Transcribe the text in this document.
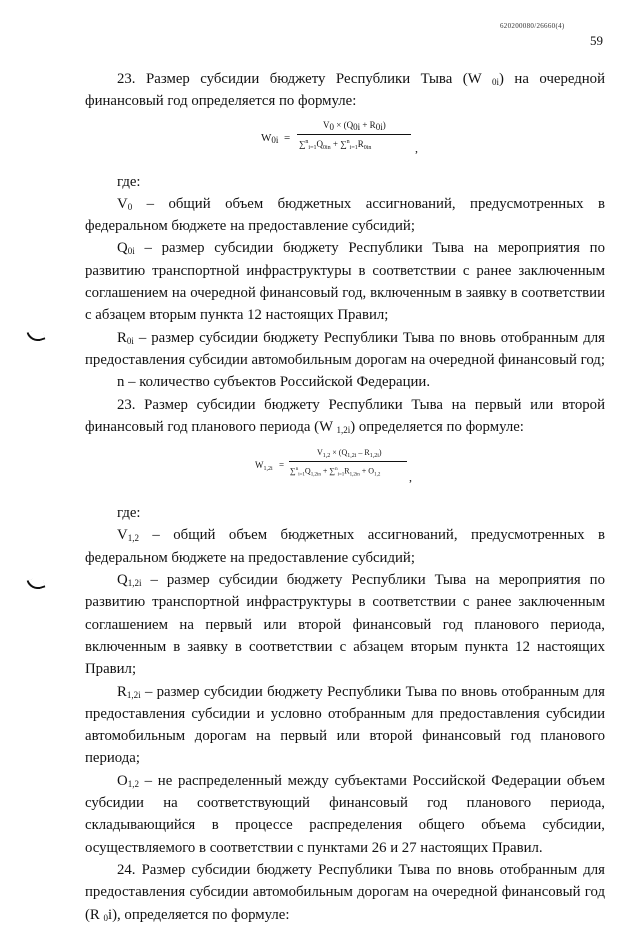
620200080/26660(4)
59

23. Размер субсидии бюджету Республики Тыва (W $_{0i}$) на очередной финансовый год определяется по формуле:

$W_{0i}$ =
$V_0 \times (Q_{0i} + R_{0i})$
$\sum^n_{i=1}Q_{0in} + \sum^n_{i=1}R_{0in}$	,

где:

$V_0$ – общий объем бюджетных ассигнований, предусмотренных в федеральном бюджете на предоставление субсидий;

$Q_{0i}$ – размер субсидии бюджету Республики Тыва на мероприятия по развитию транспортной инфраструктуры в соответствии с ранее заключенным соглашением на очередной финансовый год, включенным в заявку в соответствии с абзацем вторым пункта 12 настоящих Правил;

$R_{0i}$ – размер субсидии бюджету Республики Тыва по вновь отобранным для предоставления субсидии автомобильным дорогам на очередной финансовый год;

n – количество субъектов Российской Федерации.

23. Размер субсидии бюджету Республики Тыва на первый или второй финансовый год планового периода (W $_{1,2i}$) определяется по формуле:

$W_{1,2i}$ =
$V_{1,2} \times (Q_{1,2i} - R_{1,2i})$
$\sum^n_{i=1}Q_{1,2in} + \sum^n_{i=1}R_{1,2in} + O_{1,2}$ ,

где:

$V_{1,2}$ – общий объем бюджетных ассигнований, предусмотренных в федеральном бюджете на предоставление субсидий;

$Q_{1,2i}$ – размер субсидии бюджету Республики Тыва на мероприятия по развитию транспортной инфраструктуры в соответствии с ранее заключенным соглашением на первый или второй финансовый год планового периода, включенным в заявку в соответствии с абзацем вторым пункта 12 настоящих Правил;

$R_{1,2i}$ – размер субсидии бюджету Республики Тыва по вновь отобранным для предоставления субсидии и условно отобранным для предоставления субсидии автомобильным дорогам на первый или второй финансовый год планового периода;

$O_{1,2}$ – не распределенный между субъектами Российской Федерации объем субсидии на соответствующий финансовый год планового периода, складывающийся в процессе распределения общего объема субсидии, осуществляемого в соответствии с пунктами 26 и 27 настоящих Правил.

24. Размер субсидии бюджету Республики Тыва по вновь отобранным для предоставления субсидии автомобильным дорогам на очередной финансовый год (R $_0$i), определяется по формуле:
